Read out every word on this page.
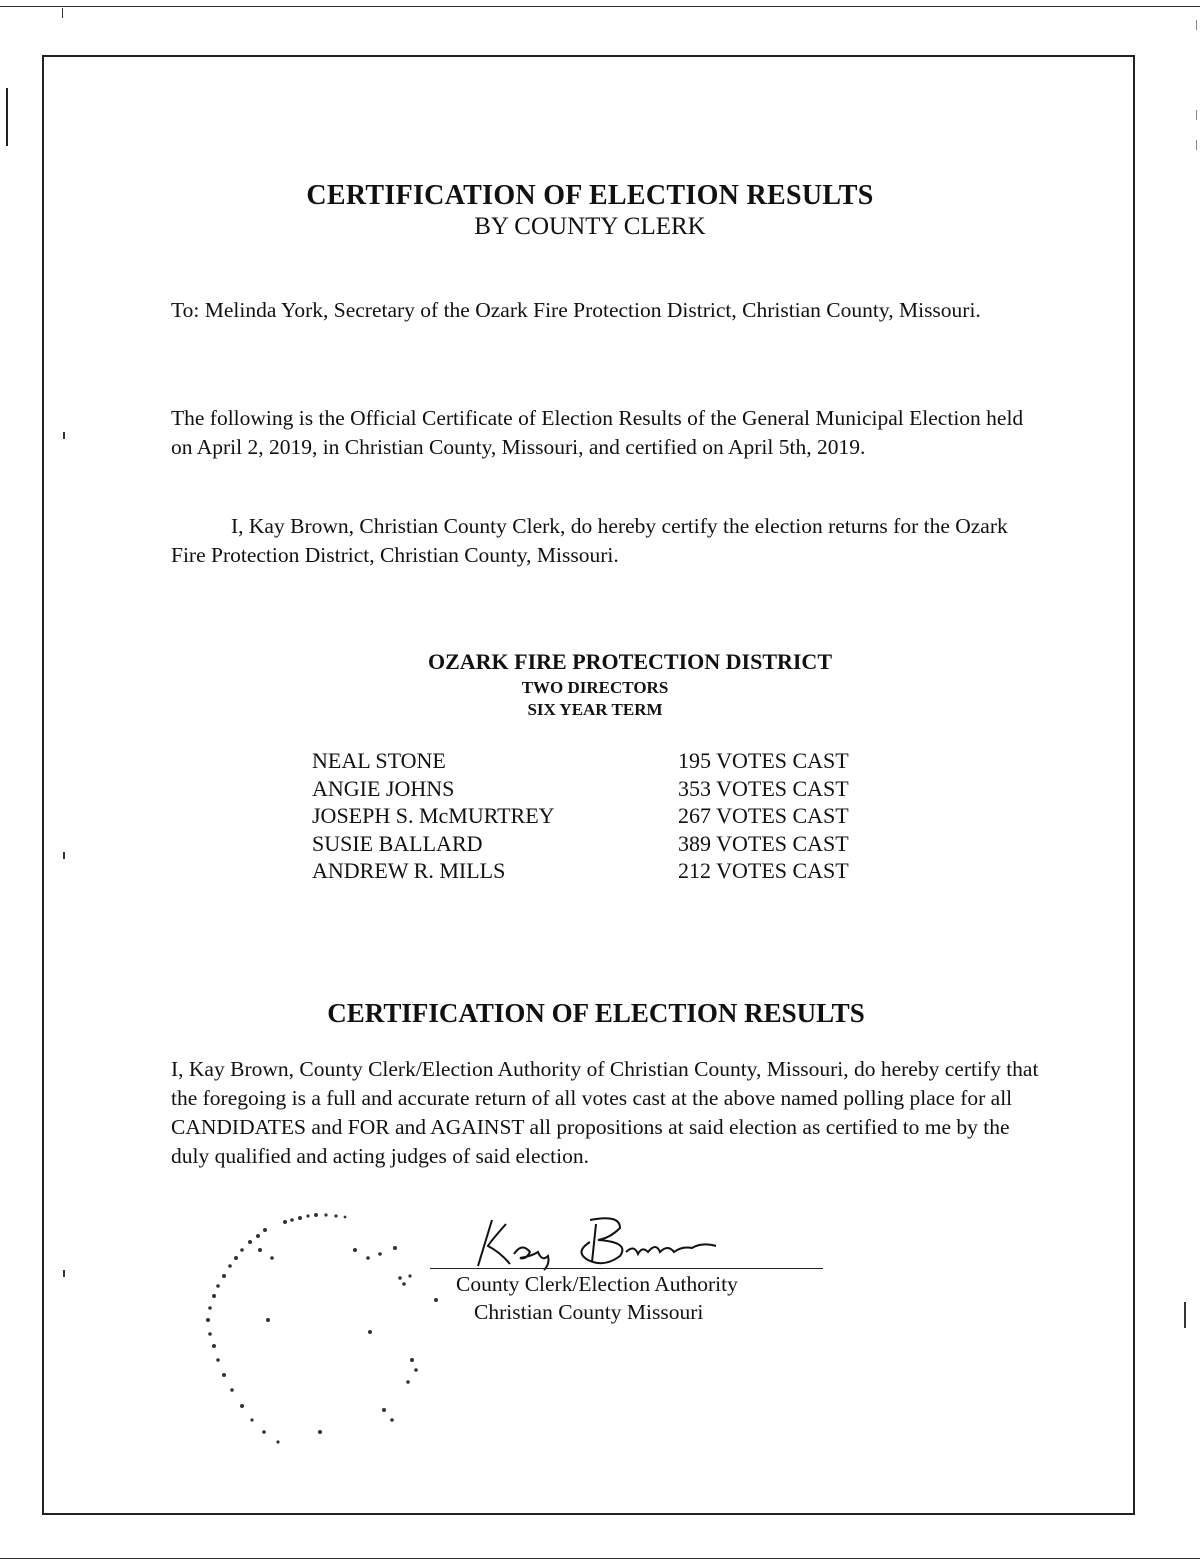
CERTIFICATION OF ELECTION RESULTS
BY COUNTY CLERK

To: Melinda York, Secretary of the Ozark Fire Protection District, Christian County, Missouri.

The following is the Official Certificate of Election Results of the General Municipal Election held on April 2, 2019, in Christian County, Missouri, and certified on April 5th, 2019.

I, Kay Brown, Christian County Clerk, do hereby certify the election returns for the Ozark Fire Protection District, Christian County, Missouri.

OZARK FIRE PROTECTION DISTRICT
TWO DIRECTORS
SIX YEAR TERM
NEAL STONE	195 VOTES CAST
ANGIE JOHNS	353 VOTES CAST
JOSEPH S. McMURTREY	267 VOTES CAST
SUSIE BALLARD	389 VOTES CAST
ANDREW R. MILLS	212 VOTES CAST
CERTIFICATION OF ELECTION RESULTS

I, Kay Brown, County Clerk/Election Authority of Christian County, Missouri, do hereby certify that the foregoing is a full and accurate return of all votes cast at the above named polling place for all CANDIDATES and FOR and AGAINST all propositions at said election as certified to me by the duly qualified and acting judges of said election.

County Clerk/Election Authority
Christian County Missouri
